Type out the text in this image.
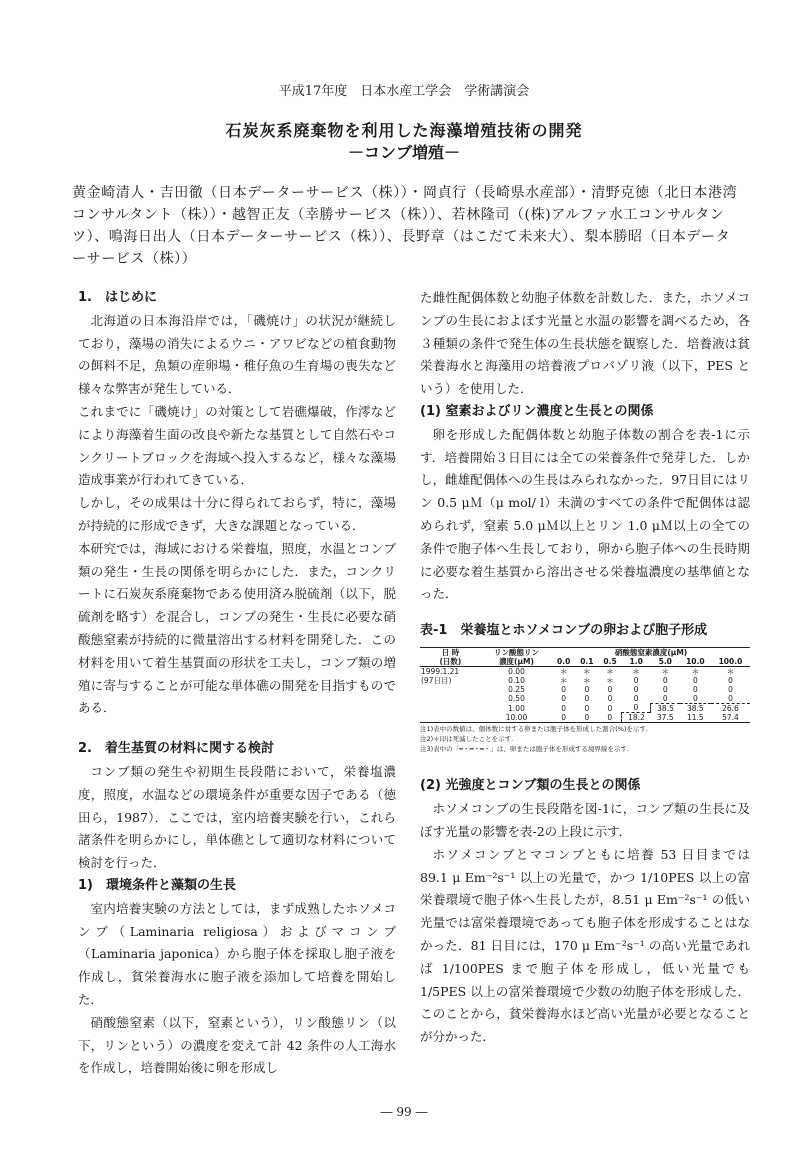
平成17年度　日本水産工学会　学術講演会
石炭灰系廃棄物を利用した海藻増殖技術の開発
－コンブ増殖－
黄金崎清人・吉田徹（日本データーサービス（株））・岡貞行（長崎県水産部）・清野克徳（北日本港湾コンサルタント（株））・越智正友（幸勝サービス（株））、若林隆司（(株)アルファ水工コンサルタンツ）、鳴海日出人（日本データーサービス（株））、長野章（はこだて未来大）、梨本勝昭（日本データーサービス（株））
1.　はじめに

北海道の日本海沿岸では，「磯焼け」の状況が継続しており，藻場の消失によるウニ・アワビなどの植食動物の餌料不足，魚類の産卵場・稚仔魚の生育場の喪失など様々な弊害が発生している．

これまでに「磯焼け」の対策として岩礁爆破，作澪などにより海藻着生面の改良や新たな基質として自然石やコンクリートブロックを海域へ投入するなど，様々な藻場造成事業が行われてきている．

しかし，その成果は十分に得られておらず，特に，藻場が持続的に形成できず，大きな課題となっている．

本研究では，海域における栄養塩，照度，水温とコンブ類の発生・生長の関係を明らかにした．また，コンクリートに石炭灰系廃棄物である使用済み脱硫剤（以下，脱硫剤を略す）を混合し，コンブの発生・生長に必要な硝酸態窒素が持続的に微量溶出する材料を開発した．この材料を用いて着生基質面の形状を工夫し，コンブ類の増殖に寄与することが可能な単体礁の開発を目指すものである．

2.　着生基質の材料に関する検討

コンブ類の発生や初期生長段階において，栄養塩濃度，照度，水温などの環境条件が重要な因子である（徳田ら，1987）．ここでは，室内培養実験を行い，これら諸条件を明らかにし，単体礁として適切な材料について検討を行った．

1)　環境条件と藻類の生長

室内培養実験の方法としては，まず成熟したホソメコンブ（Laminaria religiosa）およびマコンブ（Laminaria japonica）から胞子体を採取し胞子液を作成し，貧栄養海水に胞子液を添加して培養を開始した．

硝酸態窒素（以下，窒素という），リン酸態リン（以下，リンという）の濃度を変えて計 42 条件の人工海水を作成し，培養開始後に卵を形成し

た雌性配偶体数と幼胞子体数を計数した．また，ホソメコンブの生長におよぼす光量と水温の影響を調べるため，各３種類の条件で発生体の生長状態を観察した．培養液は貧栄養海水と海藻用の培養液プロバゾリ液（以下，PES という）を使用した．

(1) 窒素およびリン濃度と生長との関係

卵を形成した配偶体数と幼胞子体数の割合を表-1に示す．培養開始３日目には全ての栄養条件で発芽した．しかし，雌雄配偶体への生長はみられなかった．97日目にはリン 0.5 μＭ（μ mol/ l）未満のすべての条件で配偶体は認められず，窒素 5.0 μＭ以上とリン 1.0 μＭ以上の全ての条件で胞子体へ生長しており，卵から胞子体への生長時期に必要な着生基質から溶出させる栄養塩濃度の基準値となった．

表-1　栄養塩とホソメコンブの卵および胞子形成
日 時	リン酸態リン	硝酸態窒素濃度(μM)						
(日数)	濃度(μM)	0.0	0.1	0.5	1.0	5.0	10.0	100.0
1999.1.21	0.00	＊	＊	＊	＊	＊	＊	＊
(97日目)	0.10	＊	＊	＊	0	0	0	0
	0.25	0	0	0	0	0	0	0
	0.50	0	0	0	0	0	0	0
	1.00	0	0	0	0	38.5	38.5	26.6
	10.00	0	0	0	18.2	37.5	11.5	57.4
注1)表中の数値は、個体数に対する卵または胞子体を形成した割合(%)を示す.
注2)＊印は死滅したことを示す.
注3)表中の「━・━・━・」は、卵または胞子体を形成する境界線を示す.
(2) 光強度とコンブ類の生長との関係

ホソメコンブの生長段階を図-1に，コンブ類の生長に及ぼす光量の影響を表-2の上段に示す．

ホソメコンブとマコンブともに培養 53 日目までは 89.1 μ Em⁻²s⁻¹ 以上の光量で，かつ 1/10PES 以上の富栄養環境で胞子体へ生長したが，8.51 μ Em⁻²s⁻¹ の低い光量では富栄養環境であっても胞子体を形成することはなかった．81 日目には，170 μ Em⁻²s⁻¹ の高い光量であれば 1/100PES まで胞子体を形成し，低い光量でも 1/5PES 以上の富栄養環境で少数の幼胞子体を形成した．このことから，貧栄養海水ほど高い光量が必要となることが分かった．

― 99 ―
